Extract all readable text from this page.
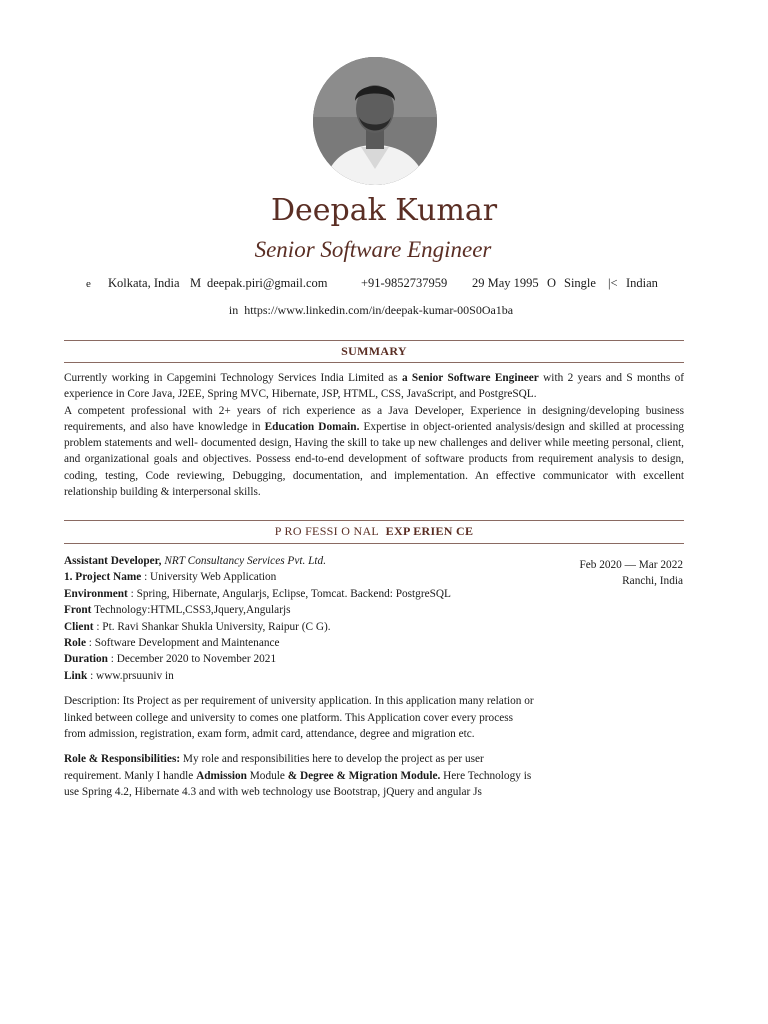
Deepak Kumar
Senior Software Engineer
e Kolkata, India M deepak.piri@gmail.com	+91-9852737959 29 May 1995 O Single |< Indian
in https://www.linkedin.com/in/deepak-kumar-00S0Oa1ba
SUMMARY

Currently working in Capgemini Technology Services India Limited as a Senior Software Engineer with 2 years and S months of experience in Core Java, J2EE, Spring MVC, Hibernate, JSP, HTML, CSS, JavaScript, and PostgreSQL.

A competent professional with 2+ years of rich experience as a Java Developer, Experience in designing/developing business requirements, and also have knowledge in Education Domain. Expertise in object-oriented analysis/design and skilled at processing problem statements and well- documented design, Having the skill to take up new challenges and deliver while meeting personal, client, and organizational goals and objectives. Possess end-to-end development of software products from requirement analysis to design, coding, testing, Code reviewing, Debugging, documentation, and implementation. An effective communicator with excellent relationship building & interpersonal skills.

P RO FESSI O NAL EXP ERIEN CE

Assistant Developer, NRT Consultancy Services Pvt. Ltd.

1. Project Name : University Web Application

Environment : Spring, Hibernate, Angularjs, Eclipse, Tomcat. Backend: PostgreSQL

Front Technology:HTML,CSS3,Jquery,Angularjs

Client : Pt. Ravi Shankar Shukla University, Raipur (C G).

Role : Software Development and Maintenance

Duration : December 2020 to November 2021

Link : www.prsuuniv in

Description: Its Project as per requirement of university application. In this application many relation or linked between college and university to comes one platform. This Application cover every process from admission, registration, exam form, admit card, attendance, degree and migration etc.

Role & Responsibilities: My role and responsibilities here to develop the project as per user requirement. Manly I handle Admission Module & Degree & Migration Module. Here Technology is use Spring 4.2, Hibernate 4.3 and with web technology use Bootstrap, jQuery and angular Js

Feb 2020 — Mar 2022
Ranchi, India
